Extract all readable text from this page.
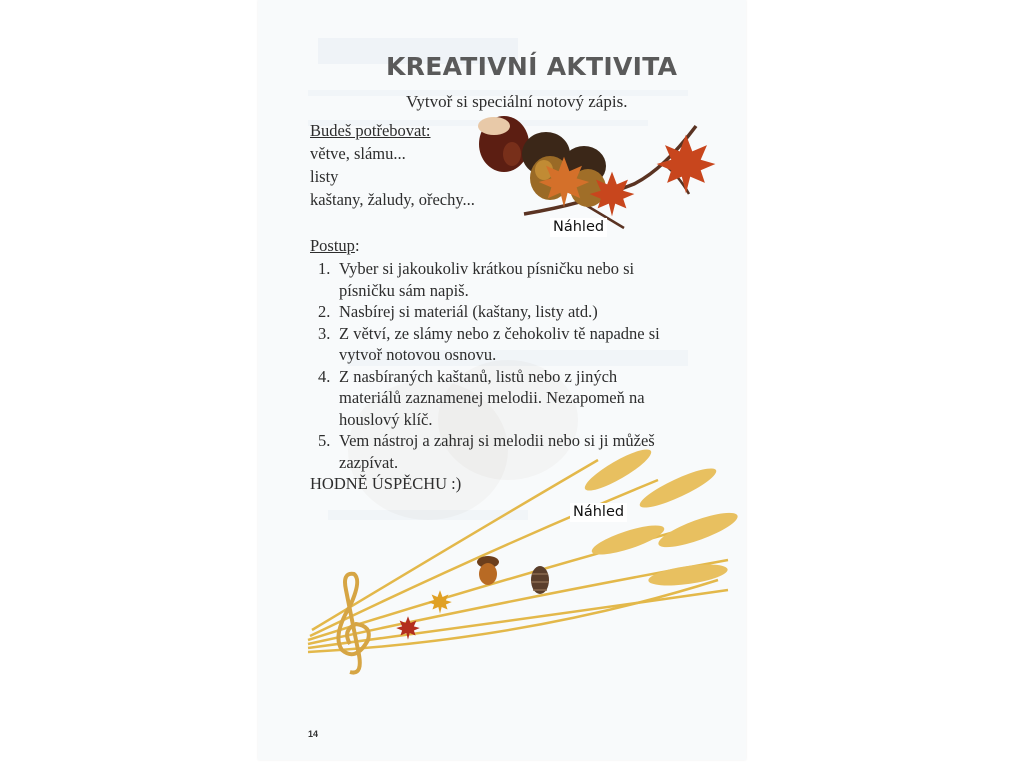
KREATIVNÍ AKTIVITA
Vytvoř si speciální notový zápis.
Budeš potřebovat:
větve, slámu...
listy
kaštany, žaludy, ořechy...
Náhled
Postup:
1. Vyber si jakoukoliv krátkou písničku nebo si
písničku sám napiš.
2. Nasbírej si materiál (kaštany, listy atd.)
3. Z větví, ze slámy nebo z čehokoliv tě napadne si
vytvoř notovou osnovu.
4. Z nasbíraných kaštanů, listů nebo z jiných
materiálů zaznamenej melodii. Nezapomeň na
houslový klíč.
5. Vem nástroj a zahraj si melodii nebo si ji můžeš
zazpívat.
HODNĚ ÚSPĚCHU :)
Náhled
14
